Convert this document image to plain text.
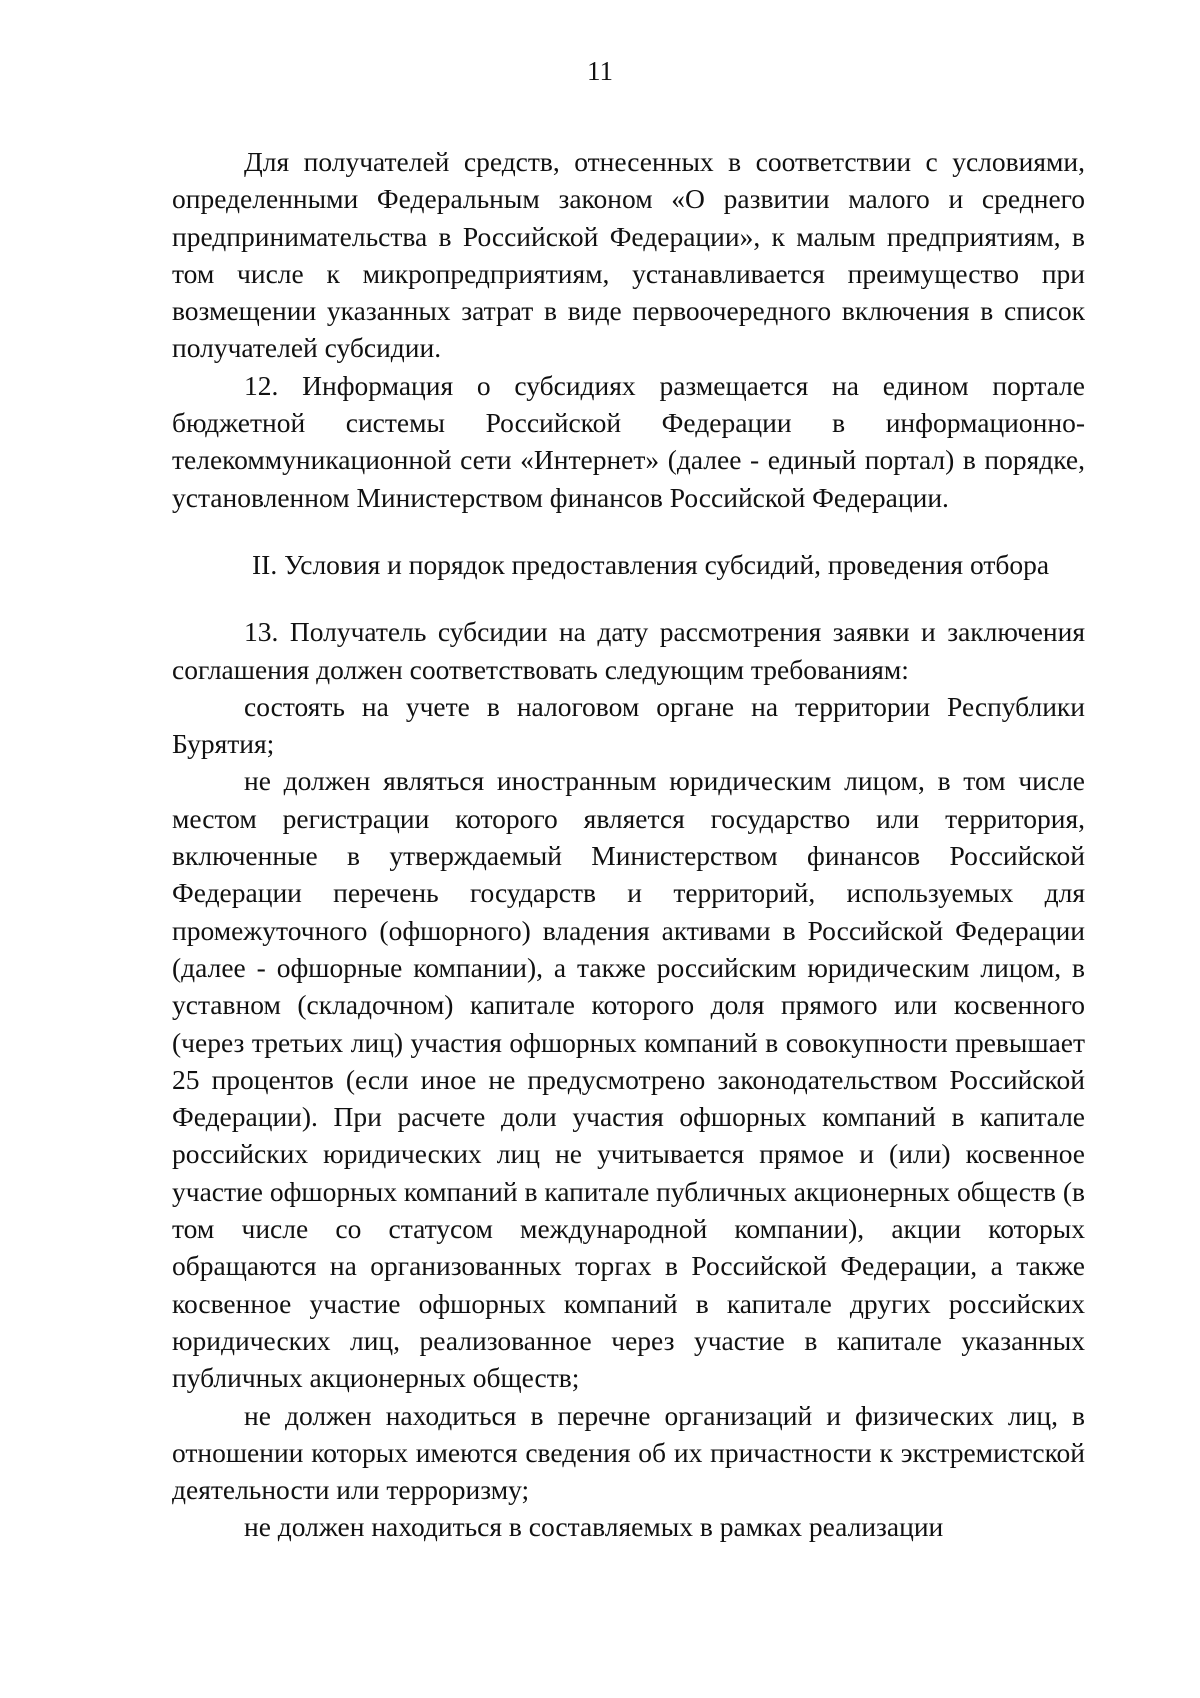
11

Для получателей средств, отнесенных в соответствии с условиями, определенными Федеральным законом «О развитии малого и среднего предпринимательства в Российской Федерации», к малым предприятиям, в том числе к микропредприятиям, устанавливается преимущество при возмещении указанных затрат в виде первоочередного включения в список получателей субсидии.

12. Информация о субсидиях размещается на едином портале бюджетной системы Российской Федерации в информационно-телекоммуникационной сети «Интернет» (далее - единый портал) в порядке, установленном Министерством финансов Российской Федерации.

II. Условия и порядок предоставления субсидий, проведения отбора

13. Получатель субсидии на дату рассмотрения заявки и заключения соглашения должен соответствовать следующим требованиям:

состоять на учете в налоговом органе на территории Республики Бурятия;

не должен являться иностранным юридическим лицом, в том числе местом регистрации которого является государство или территория, включенные в утверждаемый Министерством финансов Российской Федерации перечень государств и территорий, используемых для промежуточного (офшорного) владения активами в Российской Федерации (далее - офшорные компании), а также российским юридическим лицом, в уставном (складочном) капитале которого доля прямого или косвенного (через третьих лиц) участия офшорных компаний в совокупности превышает 25 процентов (если иное не предусмотрено законодательством Российской Федерации). При расчете доли участия офшорных компаний в капитале российских юридических лиц не учитывается прямое и (или) косвенное участие офшорных компаний в капитале публичных акционерных обществ (в том числе со статусом международной компании), акции которых обращаются на организованных торгах в Российской Федерации, а также косвенное участие офшорных компаний в капитале других российских юридических лиц, реализованное через участие в капитале указанных публичных акционерных обществ;

не должен находиться в перечне организаций и физических лиц, в отношении которых имеются сведения об их причастности к экстремистской деятельности или терроризму;

не должен находиться в составляемых в рамках реализации
